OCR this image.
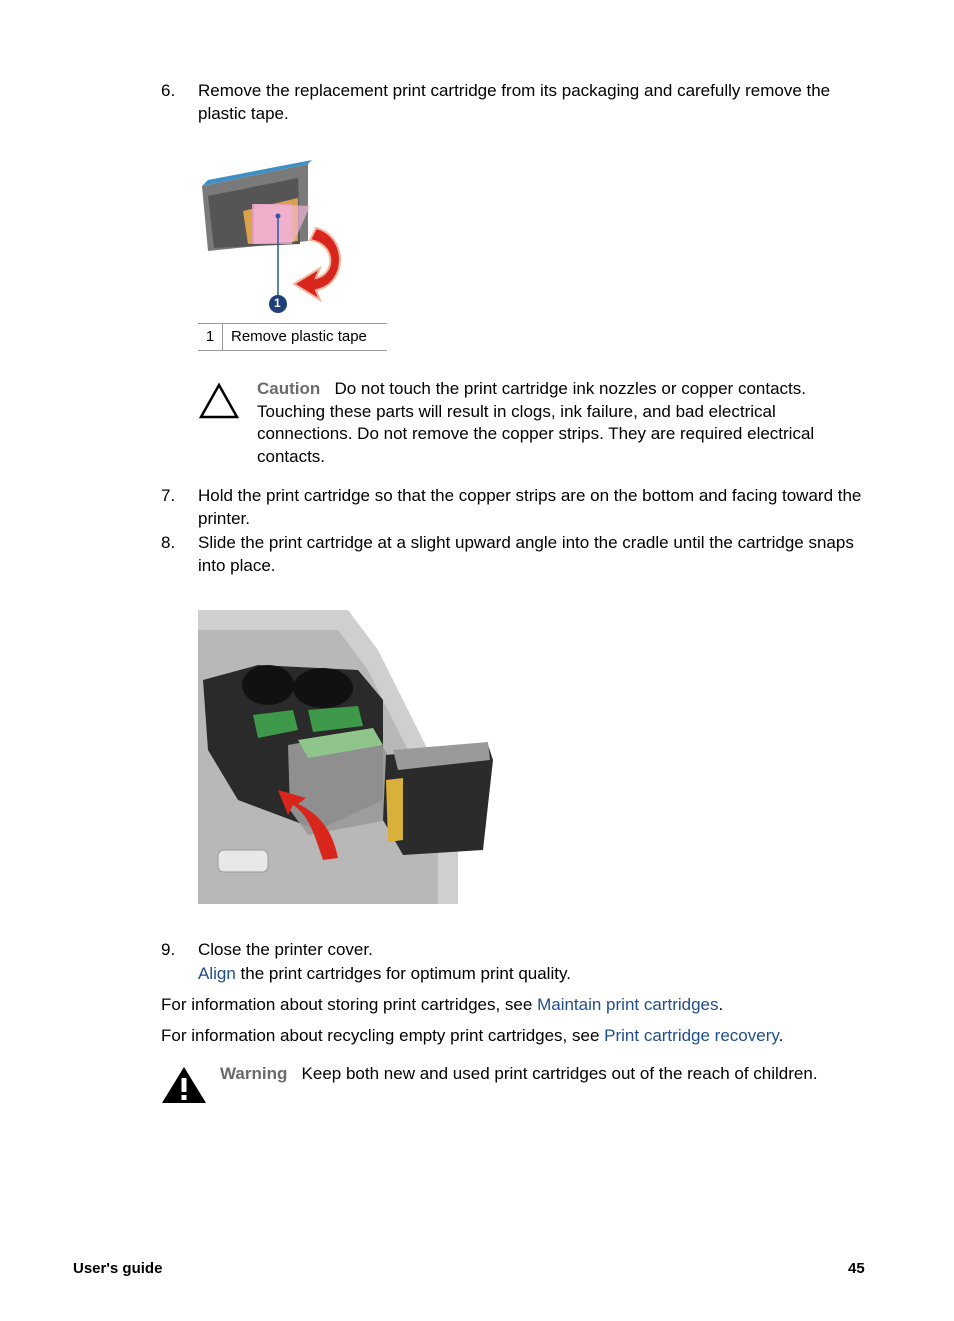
6. Remove the replacement print cartridge from its packaging and carefully remove the plastic tape.
1
1	Remove plastic tape
Caution Do not touch the print cartridge ink nozzles or copper contacts. Touching these parts will result in clogs, ink failure, and bad electrical connections. Do not remove the copper strips. They are required electrical contacts.
7. Hold the print cartridge so that the copper strips are on the bottom and facing toward the printer.
8. Slide the print cartridge at a slight upward angle into the cradle until the cartridge snaps into place.
9. Close the printer cover.
Align the print cartridges for optimum print quality.
For information about storing print cartridges, see Maintain print cartridges.
For information about recycling empty print cartridges, see Print cartridge recovery.
Warning Keep both new and used print cartridges out of the reach of children.
User's guide	45
